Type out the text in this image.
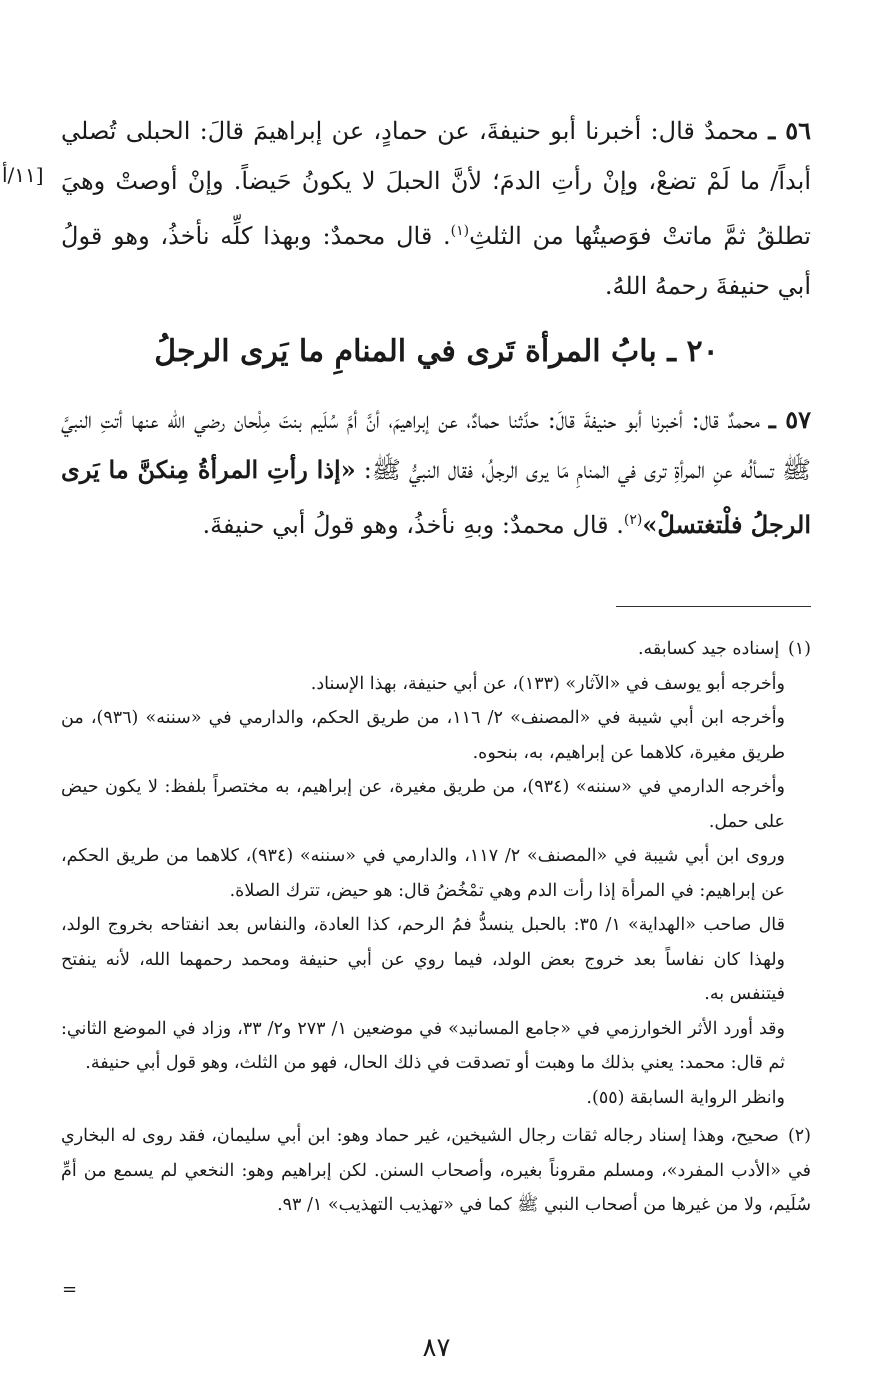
[١١/أ

٥٦ ـ محمدٌ قال: أخبرنا أبو حنيفةَ، عن حمادٍ، عن إبراهيمَ قالَ: الحبلى تُصلي أبداً/ ما لَمْ تضعْ، وإنْ رأتِ الدمَ؛ لأنَّ الحبلَ لا يكونُ حَيضاً. وإنْ أوصتْ وهيَ تطلقُ ثمَّ ماتتْ فوَصيتُها من الثلثِ$^{(١)}$. قال محمدٌ: وبهذا كلِّه نأخذُ، وهو قولُ أبي حنيفةَ رحمهُ اللهُ.

٢٠ ـ بابُ المرأة تَرى في المنامِ ما يَرى الرجلُ

٥٧ ـ محمدٌ قال: أخبرنا أبو حنيفةَ قالَ: حدَّثنا حمادٌ، عن إبراهيمَ، أنَّ أمَّ سُلَيم بنتَ مِلْحان رضي الله عنها أتتِ النبيَّ ﷺ تسألُه عنِ المرأةِ ترى في المنامِ مَا يرى الرجلُ، فقال النبيُّ ﷺ: «إذا رأتِ المرأةُ مِنكنَّ ما يَرى الرجلُ فلْتغتسلْ»$^{(٢)}$. قال محمدٌ: وبهِ نأخذُ، وهو قولُ أبي حنيفةَ.

(١) إسناده جيد كسابقه.
وأخرجه أبو يوسف في «الآثار» (١٣٣)، عن أبي حنيفة، بهذا الإسناد.
وأخرجه ابن أبي شيبة في «المصنف» ٢/ ١١٦، من طريق الحكم، والدارمي في «سننه» (٩٣٦)، من طريق مغيرة، كلاهما عن إبراهيم، به، بنحوه.
وأخرجه الدارمي في «سننه» (٩٣٤)، من طريق مغيرة، عن إبراهيم، به مختصراً بلفظ: لا يكون حيض على حمل.
وروى ابن أبي شيبة في «المصنف» ٢/ ١١٧، والدارمي في «سننه» (٩٣٤)، كلاهما من طريق الحكم، عن إبراهيم: في المرأة إذا رأت الدم وهي تمْخُضُ قال: هو حيض، تترك الصلاة.
قال صاحب «الهداية» ١/ ٣٥: بالحبل ينسدُّ فمُ الرحم، كذا العادة، والنفاس بعد انفتاحه بخروج الولد، ولهذا كان نفاساً بعد خروج بعض الولد، فيما روي عن أبي حنيفة ومحمد رحمهما الله، لأنه ينفتح فيتنفس به.
وقد أورد الأثر الخوارزمي في «جامع المسانيد» في موضعين ١/ ٢٧٣ و٢/ ٣٣، وزاد في الموضع الثاني: ثم قال: محمد: يعني بذلك ما وهبت أو تصدقت في ذلك الحال، فهو من الثلث، وهو قول أبي حنيفة.
وانظر الرواية السابقة (٥٥).
(٢) صحيح، وهذا إسناد رجاله ثقات رجال الشيخين، غير حماد وهو: ابن أبي سليمان، فقد روى له البخاري في «الأدب المفرد»، ومسلم مقروناً بغيره، وأصحاب السنن. لكن إبراهيم وهو: النخعي لم يسمع من أمِّ سُلَيم، ولا من غيرها من أصحاب النبي ﷺ كما في «تهذيب التهذيب» ١/ ٩٣.
=
٨٧
